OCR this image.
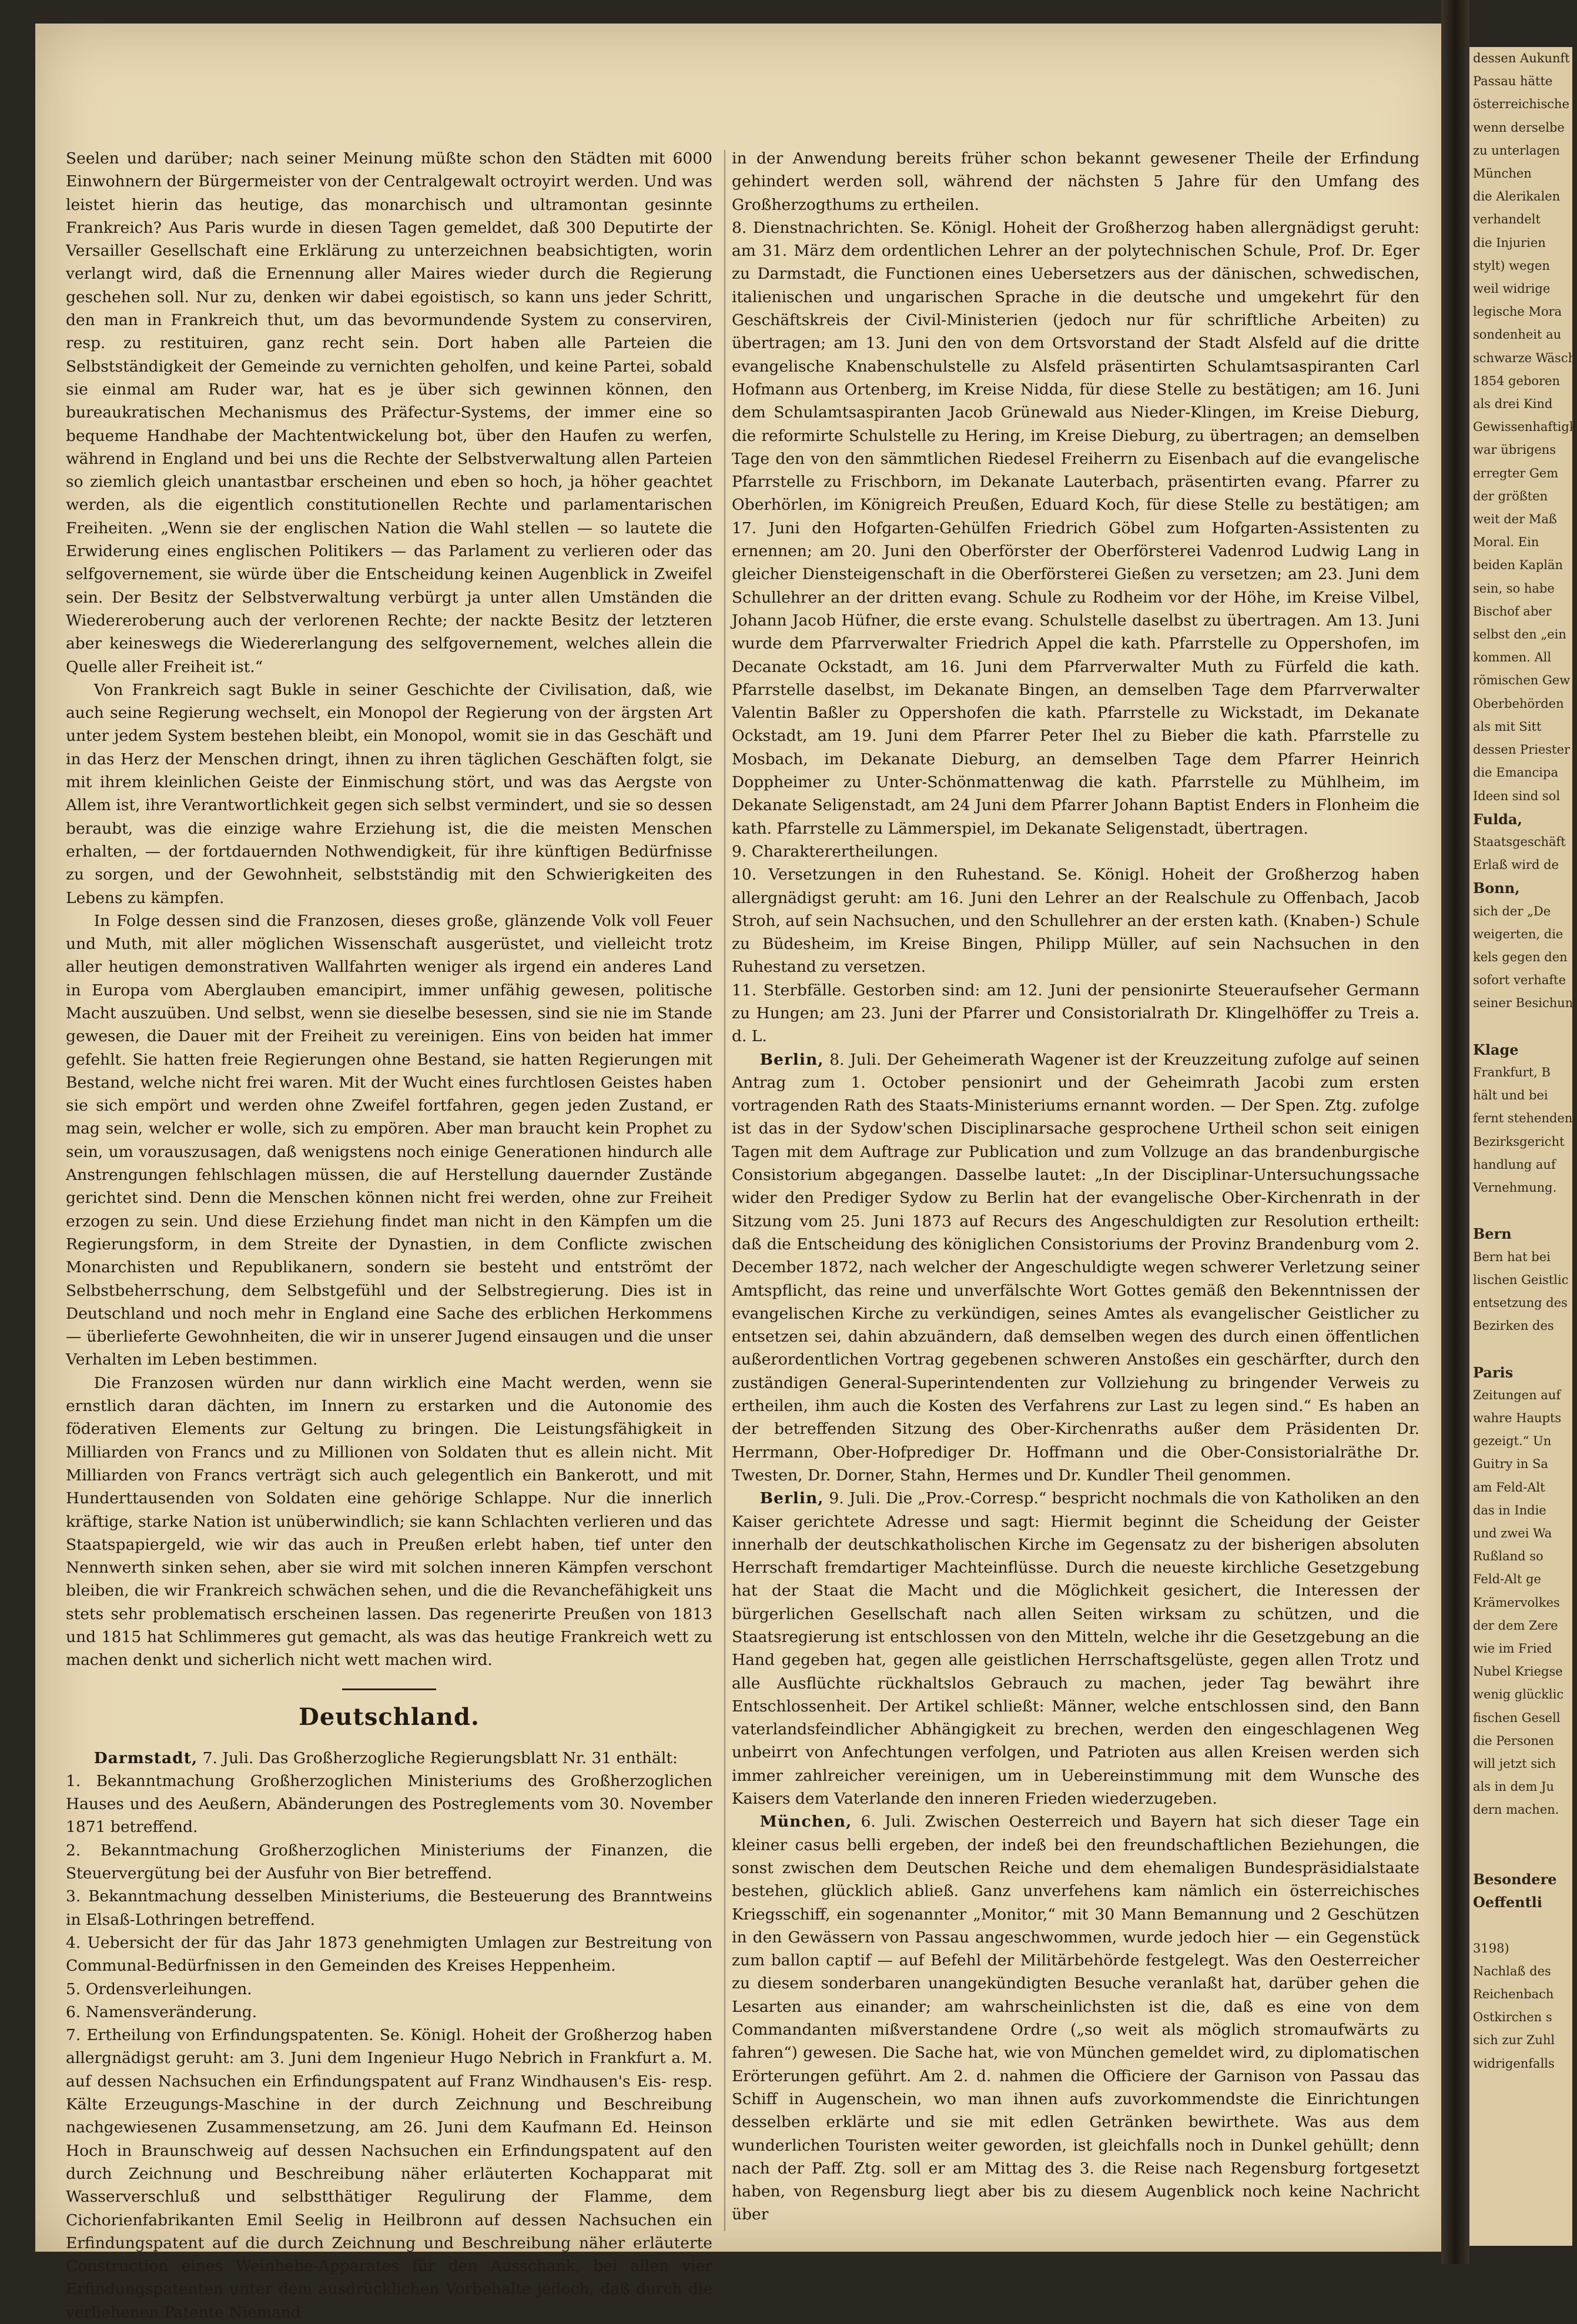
Seelen und darüber; nach seiner Meinung müßte schon den Städten mit 6000 Einwohnern der Bürgermeister von der Centralgewalt octroyirt werden. Und was leistet hierin das heutige, das monarchisch und ultramontan gesinnte Frankreich? Aus Paris wurde in diesen Tagen gemeldet, daß 300 Deputirte der Versailler Gesellschaft eine Erklärung zu unterzeichnen beabsichtigten, worin verlangt wird, daß die Ernennung aller Maires wieder durch die Regierung geschehen soll. Nur zu, denken wir dabei egoistisch, so kann uns jeder Schritt, den man in Frankreich thut, um das bevormundende System zu conserviren, resp. zu restituiren, ganz recht sein. Dort haben alle Parteien die Selbstständigkeit der Gemeinde zu vernichten geholfen, und keine Partei, sobald sie einmal am Ruder war, hat es je über sich gewinnen können, den bureaukratischen Mechanismus des Präfectur-Systems, der immer eine so bequeme Handhabe der Machtentwickelung bot, über den Haufen zu werfen, während in England und bei uns die Rechte der Selbstverwaltung allen Parteien so ziemlich gleich unantastbar erscheinen und eben so hoch, ja höher geachtet werden, als die eigentlich constitutionellen Rechte und parlamentarischen Freiheiten. „Wenn sie der englischen Nation die Wahl stellen — so lautete die Erwiderung eines englischen Politikers — das Parlament zu verlieren oder das selfgovernement, sie würde über die Entscheidung keinen Augenblick in Zweifel sein. Der Besitz der Selbstverwaltung verbürgt ja unter allen Umständen die Wiedereroberung auch der verlorenen Rechte; der nackte Besitz der letzteren aber keineswegs die Wiedererlangung des selfgovernement, welches allein die Quelle aller Freiheit ist.“

Von Frankreich sagt Bukle in seiner Geschichte der Civilisation, daß, wie auch seine Regierung wechselt, ein Monopol der Regierung von der ärgsten Art unter jedem System bestehen bleibt, ein Monopol, womit sie in das Geschäft und in das Herz der Menschen dringt, ihnen zu ihren täglichen Geschäften folgt, sie mit ihrem kleinlichen Geiste der Einmischung stört, und was das Aergste von Allem ist, ihre Verantwortlichkeit gegen sich selbst vermindert, und sie so dessen beraubt, was die einzige wahre Erziehung ist, die die meisten Menschen erhalten, — der fortdauernden Nothwendigkeit, für ihre künftigen Bedürfnisse zu sorgen, und der Gewohnheit, selbstständig mit den Schwierigkeiten des Lebens zu kämpfen.

In Folge dessen sind die Franzosen, dieses große, glänzende Volk voll Feuer und Muth, mit aller möglichen Wissenschaft ausgerüstet, und vielleicht trotz aller heutigen demonstrativen Wallfahrten weniger als irgend ein anderes Land in Europa vom Aberglauben emancipirt, immer unfähig gewesen, politische Macht auszuüben. Und selbst, wenn sie dieselbe besessen, sind sie nie im Stande gewesen, die Dauer mit der Freiheit zu vereinigen. Eins von beiden hat immer gefehlt. Sie hatten freie Regierungen ohne Bestand, sie hatten Regierungen mit Bestand, welche nicht frei waren. Mit der Wucht eines furchtlosen Geistes haben sie sich empört und werden ohne Zweifel fortfahren, gegen jeden Zustand, er mag sein, welcher er wolle, sich zu empören. Aber man braucht kein Prophet zu sein, um vorauszusagen, daß wenigstens noch einige Generationen hindurch alle Anstrengungen fehlschlagen müssen, die auf Herstellung dauernder Zustände gerichtet sind. Denn die Menschen können nicht frei werden, ohne zur Freiheit erzogen zu sein. Und diese Erziehung findet man nicht in den Kämpfen um die Regierungsform, in dem Streite der Dynastien, in dem Conflicte zwischen Monarchisten und Republikanern, sondern sie besteht und entströmt der Selbstbeherrschung, dem Selbstgefühl und der Selbstregierung. Dies ist in Deutschland und noch mehr in England eine Sache des erblichen Herkommens — überlieferte Gewohnheiten, die wir in unserer Jugend einsaugen und die unser Verhalten im Leben bestimmen.

Die Franzosen würden nur dann wirklich eine Macht werden, wenn sie ernstlich daran dächten, im Innern zu erstarken und die Autonomie des föderativen Elements zur Geltung zu bringen. Die Leistungsfähigkeit in Milliarden von Francs und zu Millionen von Soldaten thut es allein nicht. Mit Milliarden von Francs verträgt sich auch gelegentlich ein Bankerott, und mit Hunderttausenden von Soldaten eine gehörige Schlappe. Nur die innerlich kräftige, starke Nation ist unüberwindlich; sie kann Schlachten verlieren und das Staatspapiergeld, wie wir das auch in Preußen erlebt haben, tief unter den Nennwerth sinken sehen, aber sie wird mit solchen inneren Kämpfen verschont bleiben, die wir Frankreich schwächen sehen, und die die Revanchefähigkeit uns stets sehr problematisch erscheinen lassen. Das regenerirte Preußen von 1813 und 1815 hat Schlimmeres gut gemacht, als was das heutige Frankreich wett zu machen denkt und sicherlich nicht wett machen wird.

Deutschland.

Darmstadt, 7. Juli. Das Großherzogliche Regierungsblatt Nr. 31 enthält:

1. Bekanntmachung Großherzoglichen Ministeriums des Großherzoglichen Hauses und des Aeußern, Abänderungen des Postreglements vom 30. November 1871 betreffend.

2. Bekanntmachung Großherzoglichen Ministeriums der Finanzen, die Steuervergütung bei der Ausfuhr von Bier betreffend.

3. Bekanntmachung desselben Ministeriums, die Besteuerung des Branntweins in Elsaß-Lothringen betreffend.

4. Uebersicht der für das Jahr 1873 genehmigten Umlagen zur Bestreitung von Communal-Bedürfnissen in den Gemeinden des Kreises Heppenheim.

5. Ordensverleihungen.

6. Namensveränderung.

7. Ertheilung von Erfindungspatenten. Se. Königl. Hoheit der Großherzog haben allergnädigst geruht: am 3. Juni dem Ingenieur Hugo Nebrich in Frankfurt a. M. auf dessen Nachsuchen ein Erfindungspatent auf Franz Windhausen's Eis- resp. Kälte Erzeugungs-Maschine in der durch Zeichnung und Beschreibung nachgewiesenen Zusammensetzung, am 26. Juni dem Kaufmann Ed. Heinson Hoch in Braunschweig auf dessen Nachsuchen ein Erfindungspatent auf den durch Zeichnung und Beschreibung näher erläuterten Kochapparat mit Wasserverschluß und selbstthätiger Regulirung der Flamme, dem Cichorienfabrikanten Emil Seelig in Heilbronn auf dessen Nachsuchen ein Erfindungspatent auf die durch Zeichnung und Beschreibung näher erläuterte Construction eines Weinhebe-Apparates für den Ausschank, bei allen vier Erfindungspatenten unter dem ausdrücklichen Vorbehalte jedoch, daß durch die verliehenen Patente Niemand

in der Anwendung bereits früher schon bekannt gewesener Theile der Erfindung gehindert werden soll, während der nächsten 5 Jahre für den Umfang des Großherzogthums zu ertheilen.

8. Dienstnachrichten. Se. Königl. Hoheit der Großherzog haben allergnädigst geruht: am 31. März dem ordentlichen Lehrer an der polytechnischen Schule, Prof. Dr. Eger zu Darmstadt, die Functionen eines Uebersetzers aus der dänischen, schwedischen, italienischen und ungarischen Sprache in die deutsche und umgekehrt für den Geschäftskreis der Civil-Ministerien (jedoch nur für schriftliche Arbeiten) zu übertragen; am 13. Juni den von dem Ortsvorstand der Stadt Alsfeld auf die dritte evangelische Knabenschulstelle zu Alsfeld präsentirten Schulamtsaspiranten Carl Hofmann aus Ortenberg, im Kreise Nidda, für diese Stelle zu bestätigen; am 16. Juni dem Schulamtsaspiranten Jacob Grünewald aus Nieder-Klingen, im Kreise Dieburg, die reformirte Schulstelle zu Hering, im Kreise Dieburg, zu übertragen; an demselben Tage den von den sämmtlichen Riedesel Freiherrn zu Eisenbach auf die evangelische Pfarrstelle zu Frischborn, im Dekanate Lauterbach, präsentirten evang. Pfarrer zu Oberhörlen, im Königreich Preußen, Eduard Koch, für diese Stelle zu bestätigen; am 17. Juni den Hofgarten-Gehülfen Friedrich Göbel zum Hofgarten-Assistenten zu ernennen; am 20. Juni den Oberförster der Oberförsterei Vadenrod Ludwig Lang in gleicher Diensteigenschaft in die Oberförsterei Gießen zu versetzen; am 23. Juni dem Schullehrer an der dritten evang. Schule zu Rodheim vor der Höhe, im Kreise Vilbel, Johann Jacob Hüfner, die erste evang. Schulstelle daselbst zu übertragen. Am 13. Juni wurde dem Pfarrverwalter Friedrich Appel die kath. Pfarrstelle zu Oppershofen, im Decanate Ockstadt, am 16. Juni dem Pfarrverwalter Muth zu Fürfeld die kath. Pfarrstelle daselbst, im Dekanate Bingen, an demselben Tage dem Pfarrverwalter Valentin Baßler zu Oppershofen die kath. Pfarrstelle zu Wickstadt, im Dekanate Ockstadt, am 19. Juni dem Pfarrer Peter Ihel zu Bieber die kath. Pfarrstelle zu Mosbach, im Dekanate Dieburg, an demselben Tage dem Pfarrer Heinrich Doppheimer zu Unter-Schönmattenwag die kath. Pfarrstelle zu Mühlheim, im Dekanate Seligenstadt, am 24 Juni dem Pfarrer Johann Baptist Enders in Flonheim die kath. Pfarrstelle zu Lämmerspiel, im Dekanate Seligenstadt, übertragen.

9. Charakterertheilungen.

10. Versetzungen in den Ruhestand. Se. Königl. Hoheit der Großherzog haben allergnädigst geruht: am 16. Juni den Lehrer an der Realschule zu Offenbach, Jacob Stroh, auf sein Nachsuchen, und den Schullehrer an der ersten kath. (Knaben-) Schule zu Büdesheim, im Kreise Bingen, Philipp Müller, auf sein Nachsuchen in den Ruhestand zu versetzen.

11. Sterbfälle. Gestorben sind: am 12. Juni der pensionirte Steueraufseher Germann zu Hungen; am 23. Juni der Pfarrer und Consistorialrath Dr. Klingelhöffer zu Treis a. d. L.

Berlin, 8. Juli. Der Geheimerath Wagener ist der Kreuzzeitung zufolge auf seinen Antrag zum 1. October pensionirt und der Geheimrath Jacobi zum ersten vortragenden Rath des Staats-Ministeriums ernannt worden. — Der Spen. Ztg. zufolge ist das in der Sydow'schen Disciplinarsache gesprochene Urtheil schon seit einigen Tagen mit dem Auftrage zur Publication und zum Vollzuge an das brandenburgische Consistorium abgegangen. Dasselbe lautet: „In der Disciplinar-Untersuchungssache wider den Prediger Sydow zu Berlin hat der evangelische Ober-Kirchenrath in der Sitzung vom 25. Juni 1873 auf Recurs des Angeschuldigten zur Resolution ertheilt: daß die Entscheidung des königlichen Consistoriums der Provinz Brandenburg vom 2. December 1872, nach welcher der Angeschuldigte wegen schwerer Verletzung seiner Amtspflicht, das reine und unverfälschte Wort Gottes gemäß den Bekenntnissen der evangelischen Kirche zu verkündigen, seines Amtes als evangelischer Geistlicher zu entsetzen sei, dahin abzuändern, daß demselben wegen des durch einen öffentlichen außerordentlichen Vortrag gegebenen schweren Anstoßes ein geschärfter, durch den zuständigen General-Superintendenten zur Vollziehung zu bringender Verweis zu ertheilen, ihm auch die Kosten des Verfahrens zur Last zu legen sind.“ Es haben an der betreffenden Sitzung des Ober-Kirchenraths außer dem Präsidenten Dr. Herrmann, Ober-Hofprediger Dr. Hoffmann und die Ober-Consistorialräthe Dr. Twesten, Dr. Dorner, Stahn, Hermes und Dr. Kundler Theil genommen.

Berlin, 9. Juli. Die „Prov.-Corresp.“ bespricht nochmals die von Katholiken an den Kaiser gerichtete Adresse und sagt: Hiermit beginnt die Scheidung der Geister innerhalb der deutschkatholischen Kirche im Gegensatz zu der bisherigen absoluten Herrschaft fremdartiger Machteinflüsse. Durch die neueste kirchliche Gesetzgebung hat der Staat die Macht und die Möglichkeit gesichert, die Interessen der bürgerlichen Gesellschaft nach allen Seiten wirksam zu schützen, und die Staatsregierung ist entschlossen von den Mitteln, welche ihr die Gesetzgebung an die Hand gegeben hat, gegen alle geistlichen Herrschaftsgelüste, gegen allen Trotz und alle Ausflüchte rückhaltslos Gebrauch zu machen, jeder Tag bewährt ihre Entschlossenheit. Der Artikel schließt: Männer, welche entschlossen sind, den Bann vaterlandsfeindlicher Abhängigkeit zu brechen, werden den eingeschlagenen Weg unbeirrt von Anfechtungen verfolgen, und Patrioten aus allen Kreisen werden sich immer zahlreicher vereinigen, um in Uebereinstimmung mit dem Wunsche des Kaisers dem Vaterlande den inneren Frieden wiederzugeben.

München, 6. Juli. Zwischen Oesterreich und Bayern hat sich dieser Tage ein kleiner casus belli ergeben, der indeß bei den freundschaftlichen Beziehungen, die sonst zwischen dem Deutschen Reiche und dem ehemaligen Bundespräsidialstaate bestehen, glücklich abließ. Ganz unverfehens kam nämlich ein österreichisches Kriegsschiff, ein sogenannter „Monitor,“ mit 30 Mann Bemannung und 2 Geschützen in den Gewässern von Passau angeschwommen, wurde jedoch hier — ein Gegenstück zum ballon captif — auf Befehl der Militärbehörde festgelegt. Was den Oesterreicher zu diesem sonderbaren unangekündigten Besuche veranlaßt hat, darüber gehen die Lesarten aus einander; am wahrscheinlichsten ist die, daß es eine von dem Commandanten mißverstandene Ordre („so weit als möglich stromaufwärts zu fahren“) gewesen. Die Sache hat, wie von München gemeldet wird, zu diplomatischen Erörterungen geführt. Am 2. d. nahmen die Officiere der Garnison von Passau das Schiff in Augenschein, wo man ihnen aufs zuvorkommendste die Einrichtungen desselben erklärte und sie mit edlen Getränken bewirthete. Was aus dem wunderlichen Touristen weiter geworden, ist gleichfalls noch in Dunkel gehüllt; denn nach der Paff. Ztg. soll er am Mittag des 3. die Reise nach Regensburg fortgesetzt haben, von Regensburg liegt aber bis zu diesem Augenblick noch keine Nachricht über

dessen Aukunft
Passau hätte
österreichische
wenn derselbe
zu unterlagen
München
die Alerikalen
verhandelt
die Injurien
stylt) wegen
weil widrige
legische Mora
sondenheit au
schwarze Wäsch
1854 geboren
als drei Kind
Gewissenhaftigk
war übrigens
erregter Gem
der größten
weit der Maß
Moral. Ein
beiden Kaplän
sein, so habe
Bischof aber
selbst den „ein
kommen. All
römischen Gew
Oberbehörden
als mit Sitt
dessen Priester
die Emancipa
Ideen sind sol
Fulda,
Staatsgeschäft
Erlaß wird de
Bonn,
sich der „De
weigerten, die
kels gegen den
sofort verhafte
seiner Besichun

Klage
Frankfurt, B
hält und bei
fernt stehenden
Bezirksgericht
handlung auf
Vernehmung.

Bern
Bern hat bei
lischen Geistlic
entsetzung des
Bezirken des

Paris
Zeitungen auf
wahre Haupts
gezeigt.“ Un
Guitry in Sa
am Feld-Alt
das in Indie
und zwei Wa
Rußland so
Feld-Alt ge
Krämervolkes
der dem Zere
wie im Fried
Nubel Kriegse
wenig glücklic
fischen Gesell
die Personen
will jetzt sich
als in dem Ju
dern machen.

Besondere
Oeffentli

3198)
Nachlaß des
Reichenbach
Ostkirchen s
sich zur Zuhl
widrigenfalls
